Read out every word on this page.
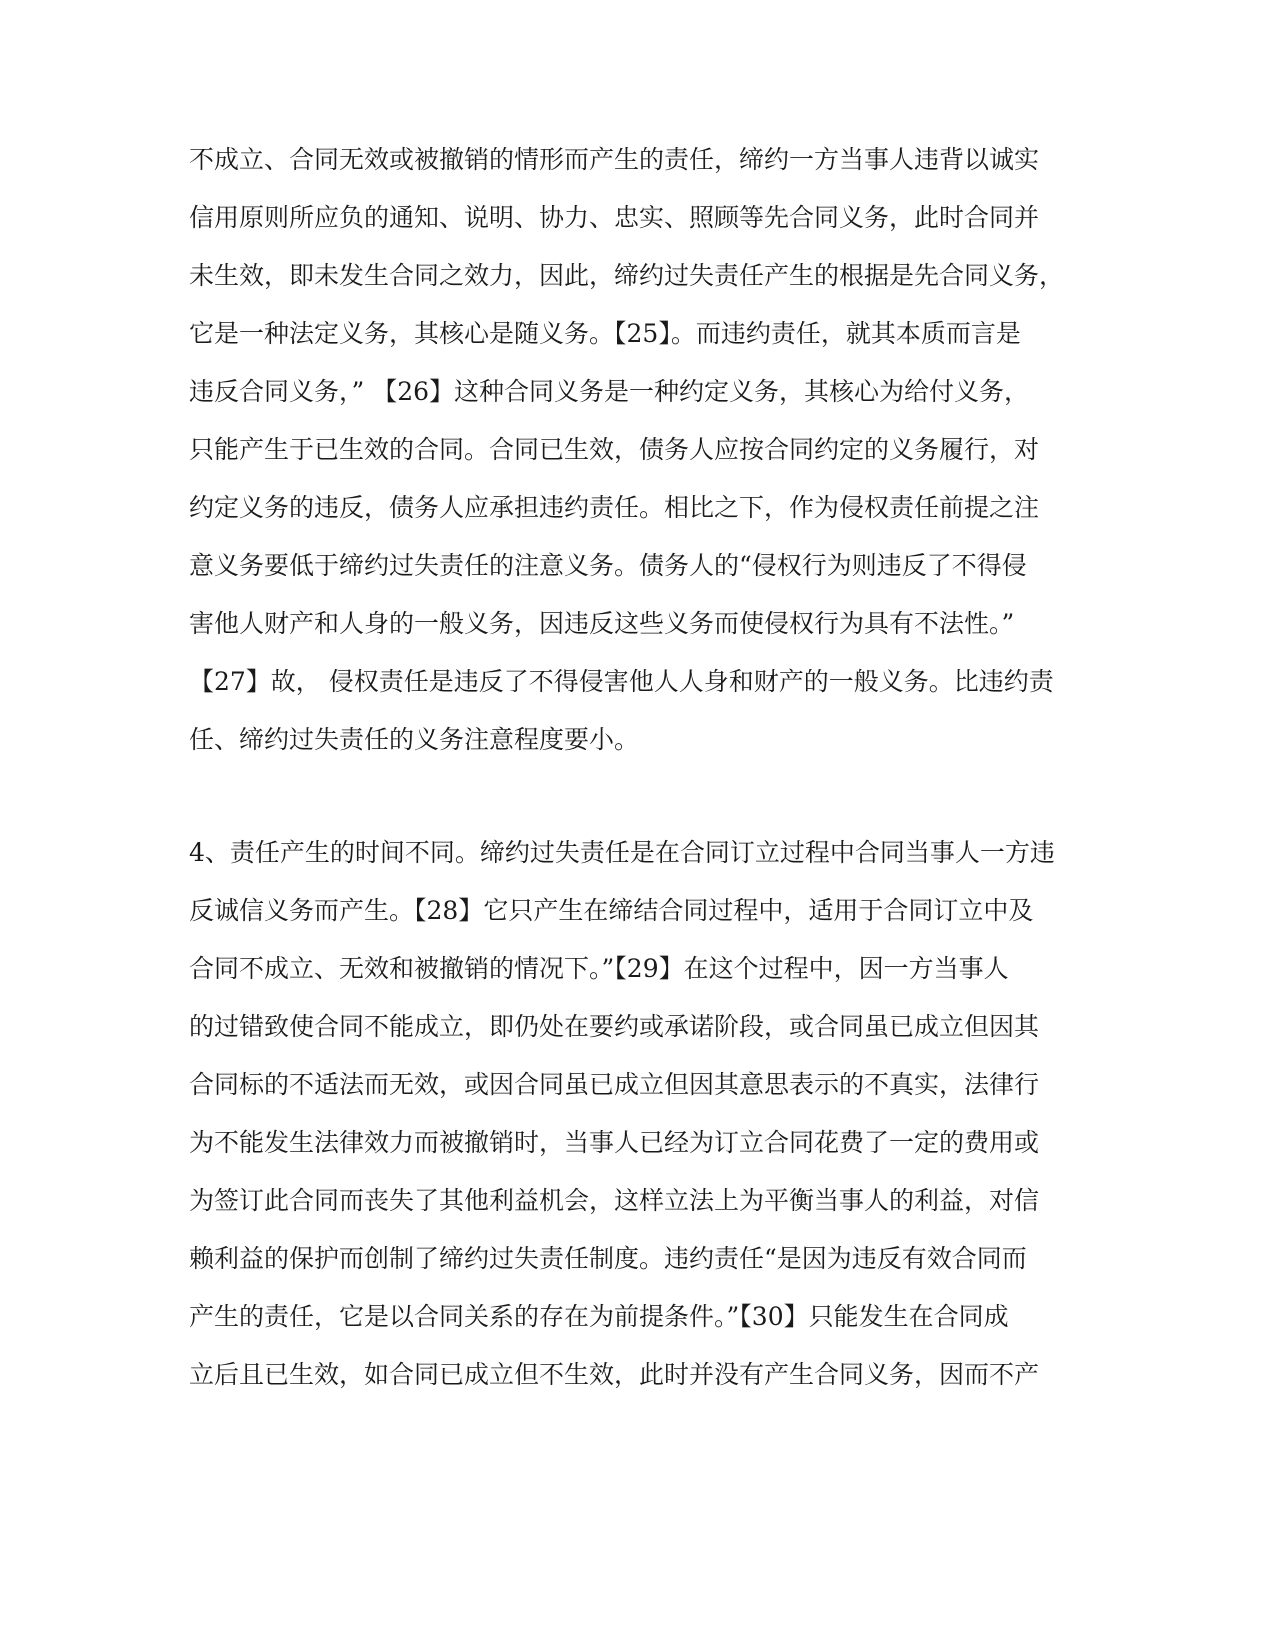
不成立、合同无效或被撤销的情形而产生的责任，缔约一方当事人违背以诚实
信用原则所应负的通知、说明、协力、忠实、照顾等先合同义务，此时合同并
未生效，即未发生合同之效力，因此，缔约过失责任产生的根据是先合同义务，
它是一种法定义务，其核心是随义务。【25】。而违约责任，就其本质而言是
违反合同义务，” 【26】这种合同义务是一种约定义务，其核心为给付义务，
只能产生于已生效的合同。合同已生效，债务人应按合同约定的义务履行，对
约定义务的违反，债务人应承担违约责任。相比之下，作为侵权责任前提之注
意义务要低于缔约过失责任的注意义务。债务人的“侵权行为则违反了不得侵
害他人财产和人身的一般义务，因违反这些义务而使侵权行为具有不法性。”
【27】故， 侵权责任是违反了不得侵害他人人身和财产的一般义务。比违约责
任、缔约过失责任的义务注意程度要小。
4、责任产生的时间不同。缔约过失责任是在合同订立过程中合同当事人一方违
反诚信义务而产生。【28】它只产生在缔结合同过程中，适用于合同订立中及
合同不成立、无效和被撤销的情况下。”【29】在这个过程中，因一方当事人
的过错致使合同不能成立，即仍处在要约或承诺阶段，或合同虽已成立但因其
合同标的不适法而无效，或因合同虽已成立但因其意思表示的不真实，法律行
为不能发生法律效力而被撤销时，当事人已经为订立合同花费了一定的费用或
为签订此合同而丧失了其他利益机会，这样立法上为平衡当事人的利益，对信
赖利益的保护而创制了缔约过失责任制度。违约责任“是因为违反有效合同而
产生的责任，它是以合同关系的存在为前提条件。”【30】只能发生在合同成
立后且已生效，如合同已成立但不生效，此时并没有产生合同义务，因而不产
